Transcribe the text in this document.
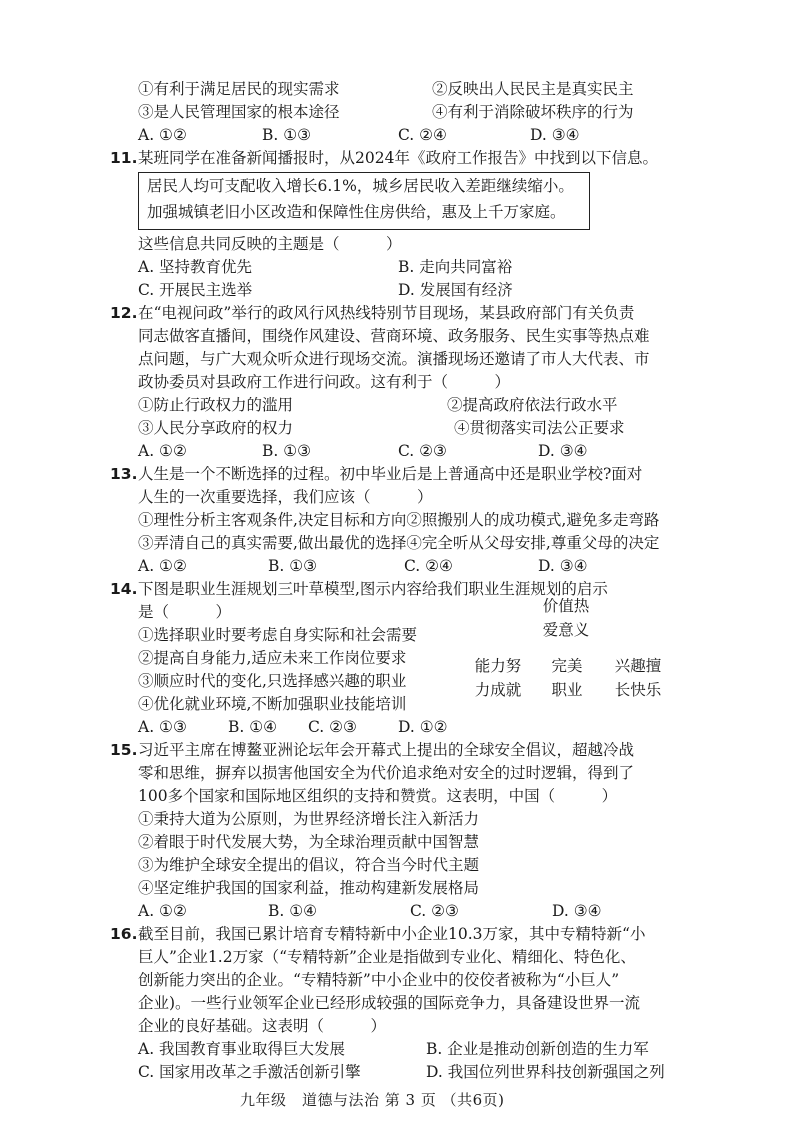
①有利于满足居民的现实需求	②反映出人民民主是真实民主
③是人民管理国家的根本途径	④有利于消除破坏秩序的行为
A. ①②	B. ①③	C. ②④	D. ③④
11. 某班同学在准备新闻播报时，从2024年《政府工作报告》中找到以下信息。
居民人均可支配收入增长6.1%，城乡居民收入差距继续缩小。
加强城镇老旧小区改造和保障性住房供给，惠及上千万家庭。
这些信息共同反映的主题是（　　　）
A. 坚持教育优先	B. 走向共同富裕
C. 开展民主选举	D. 发展国有经济
12. 在“电视问政”举行的政风行风热线特别节目现场，某县政府部门有关负责
同志做客直播间，围绕作风建设、营商环境、政务服务、民生实事等热点难
点问题，与广大观众听众进行现场交流。演播现场还邀请了市人大代表、市
政协委员对县政府工作进行问政。这有利于（　　　）
①防止行政权力的滥用	②提高政府依法行政水平
③人民分享政府的权力	④贯彻落实司法公正要求
A. ①②	B. ①③	C. ②③	D. ③④
13. 人生是一个不断选择的过程。初中毕业后是上普通高中还是职业学校?面对
人生的一次重要选择，我们应该（　　　）
①理性分析主客观条件,决定目标和方向②照搬别人的成功模式,避免多走弯路
③弄清自己的真实需要,做出最优的选择④完全听从父母安排,尊重父母的决定
A. ①②	B. ①③	C. ②④	D. ③④
14. 下图是职业生涯规划三叶草模型,图示内容给我们职业生涯规划的启示
是（　　　）
①选择职业时要考虑自身实际和社会需要
②提高自身能力,适应未来工作岗位要求
③顺应时代的变化,只选择感兴趣的职业
④优化就业环境,不断加强职业技能培训
A. ①③	B. ①④ C. ②③	D. ①②
价值热
爱意义
能力努
力成就
完美
职业
兴趣擅
长快乐
15. 习近平主席在博鳌亚洲论坛年会开幕式上提出的全球安全倡议，超越冷战
零和思维，摒弃以损害他国安全为代价追求绝对安全的过时逻辑，得到了
100多个国家和国际地区组织的支持和赞赏。这表明，中国（　　　）
①秉持大道为公原则，为世界经济增长注入新活力
②着眼于时代发展大势，为全球治理贡献中国智慧
③为维护全球安全提出的倡议，符合当今时代主题
④坚定维护我国的国家利益，推动构建新发展格局
A. ①②	B. ①④	C. ②③	D. ③④
16. 截至目前，我国已累计培育专精特新中小企业10.3万家，其中专精特新“小
巨人”企业1.2万家（“专精特新”企业是指做到专业化、精细化、特色化、
创新能力突出的企业。“专精特新”中小企业中的佼佼者被称为“小巨人”
企业)。一些行业领军企业已经形成较强的国际竞争力，具备建设世界一流
企业的良好基础。这表明（　　　）
A. 我国教育事业取得巨大发展	B. 企业是推动创新创造的生力军
C. 国家用改革之手激活创新引擎	D. 我国位列世界科技创新强国之列
九年级　道德与法治 第 3 页 （共6页)
